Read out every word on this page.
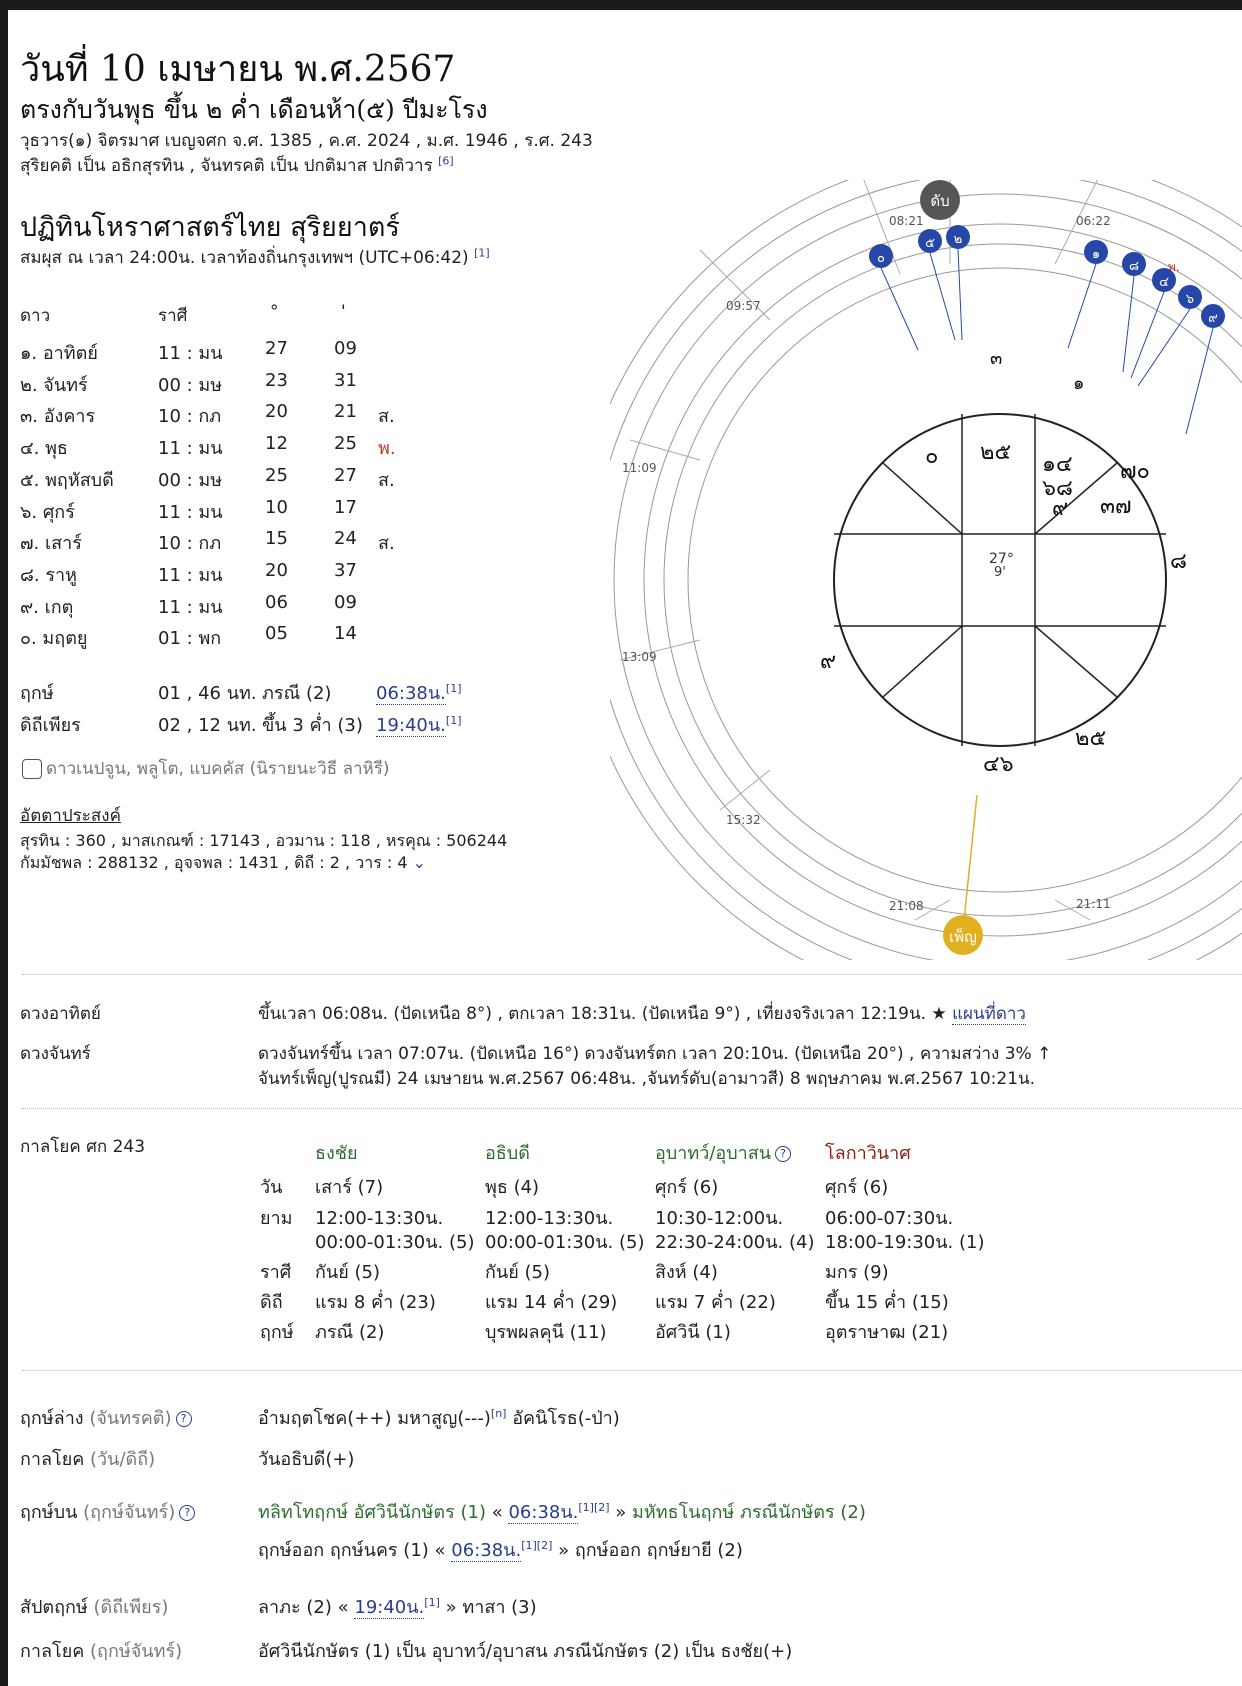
วันที่ 10 เมษายน พ.ศ.2567
ตรงกับวันพุธ ขึ้น ๒ ค่ำ เดือนห้า(๕) ปีมะโรง
วุธวาร(๑) จิตรมาศ เบญจศก จ.ศ. 1385 , ค.ศ. 2024 , ม.ศ. 1946 , ร.ศ. 243
สุริยคติ เป็น อธิกสุรทิน , จันทรคติ เป็น ปกติมาส ปกติวาร [6]
ปฏิทินโหราศาสตร์ไทย สุริยยาตร์
สมผุส ณ เวลา 24:00น. เวลาท้องถิ่นกรุงเทพฯ (UTC+06:42) [1]
ดาว	ราศี	°	'
๑. อาทิตย์	11 : มน 27	09
๒. จันทร์	00 : มษ 23	31
๓. อังคาร	10 : กภ 20	21 ส.
๔. พุธ	11 : มน 12	25 พ.
๕. พฤหัสบดี 00 : มษ 25	27 ส.
๖. ศุกร์	11 : มน 10	17
๗. เสาร์	10 : กภ 15	24 ส.
๘. ราหู	11 : มน 20	37
๙. เกตุ	11 : มน 06	09
๐. มฤตยู	01 : พก 05	14
ฤกษ์	01 , 46 นท. ภรณี (2) 06:38น.[1]
ดิถีเพียร	02 , 12 นท. ขึ้น 3 ค่ำ (3) 19:40น.[1]
ดาวเนปจูน, พลูโต, แบคคัส (นิรายนะวิธี ลาหิรี)
อัตตาประสงค์
สุรทิน : 360 , มาสเกณฑ์ : 17143 , อวมาน : 118 , หรคุณ : 506244
กัมมัชพล : 288132 , อุจจพล : 1431 , ดิถี : 2 , วาร : 4 ⌄
ดับ
เพ็ญ
08:21	06:22
09:57
11:09
13:09
15:32
21:08	21:11
๒๕ ๑๔
๖๘
๙ ๓๗
๗๐
๘
๒๕
๔๖
๙
๐
๓
๑
27°
9'
๐
๕ ๒
๑
๘
๔
๖
๙
พ.
ดวงอาทิตย์	ขึ้นเวลา 06:08น. (ปัดเหนือ 8°) , ตกเวลา 18:31น. (ปัดเหนือ 9°) , เที่ยงจริงเวลา 12:19น. ★ แผนที่ดาว
ดวงจันทร์	ดวงจันทร์ขึ้น เวลา 07:07น. (ปัดเหนือ 16°) ดวงจันทร์ตก เวลา 20:10น. (ปัดเหนือ 20°) , ความสว่าง 3% ↑
จันทร์เพ็ญ(ปูรณมี) 24 เมษายน พ.ศ.2567 06:48น. ,จันทร์ดับ(อามาวสี) 8 พฤษภาคม พ.ศ.2567 10:21น.
กาลโยค ศก 243	ธงชัย	อธิบดี	อุบาทว์/อุบาสน ? โลกาวินาศ
วัน เสาร์ (7)	พุธ (4)	ศุกร์ (6)	ศุกร์ (6)
ยาม 12:00-13:30น. 12:00-13:30น. 10:30-12:00น. 06:00-07:30น.
00:00-01:30น. (5) 00:00-01:30น. (5) 22:30-24:00น. (4) 18:00-19:30น. (1)
ราศี กันย์ (5)	กันย์ (5)	สิงห์ (4)	มกร (9)
ดิถี แรม 8 ค่ำ (23)	แรม 14 ค่ำ (29) แรม 7 ค่ำ (22)	ขึ้น 15 ค่ำ (15)
ฤกษ์ ภรณี (2)	บุรพผลคุนี (11)	อัศวินี (1)	อุตราษาฒ (21)
ฤกษ์ล่าง (จันทรคติ) ?	อำมฤตโชค(++) มหาสูญ(---)[n] อัคนิโรธ(-ป่า)
กาลโยค (วัน/ดิถี)	วันอธิบดี(+)
ฤกษ์บน (ฤกษ์จันทร์) ?	ทลิทโทฤกษ์ อัศวินีนักษัตร (1) « 06:38น.[1][2] » มหัทธโนฤกษ์ ภรณีนักษัตร (2)
ฤกษ์ออก ฤกษ์นคร (1) « 06:38น.[1][2] » ฤกษ์ออก ฤกษ์ยายี (2)
สัปตฤกษ์ (ดิถีเพียร)	ลาภะ (2) « 19:40น.[1] » ทาสา (3)
กาลโยค (ฤกษ์จันทร์)	อัศวินีนักษัตร (1) เป็น อุบาทว์/อุบาสน ภรณีนักษัตร (2) เป็น ธงชัย(+)
